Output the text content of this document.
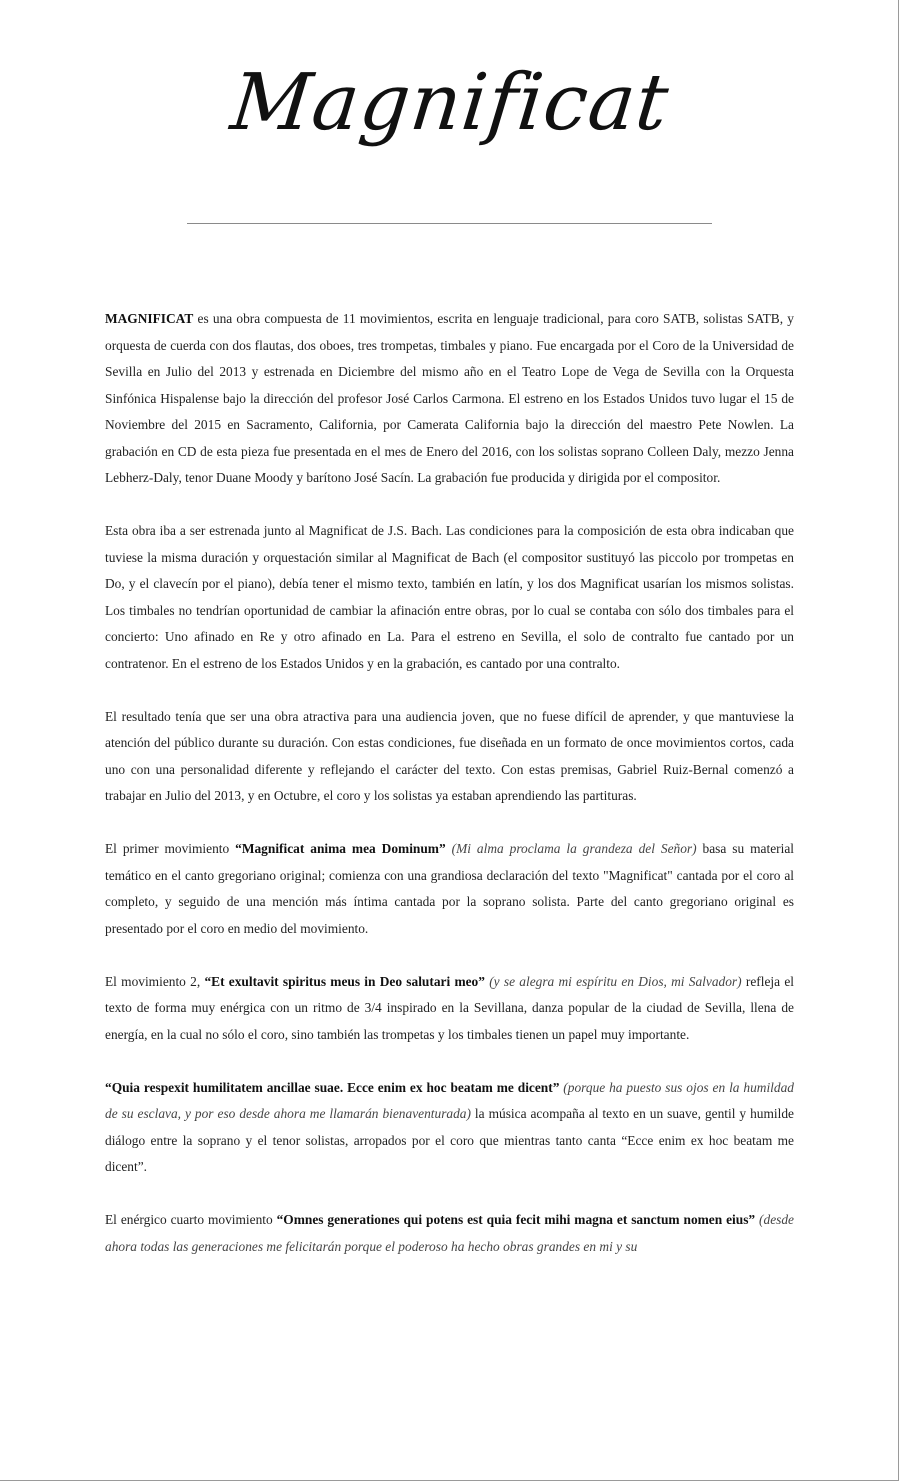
Magnificat

MAGNIFICAT es una obra compuesta de 11 movimientos, escrita en lenguaje tradicional, para coro SATB, solistas SATB, y orquesta de cuerda con dos flautas, dos oboes, tres trompetas, timbales y piano. Fue encargada por el Coro de la Universidad de Sevilla en Julio del 2013 y estrenada en Diciembre del mismo año en el Teatro Lope de Vega de Sevilla con la Orquesta Sinfónica Hispalense bajo la dirección del profesor José Carlos Carmona. El estreno en los Estados Unidos tuvo lugar el 15 de Noviembre del 2015 en Sacramento, California, por Camerata California bajo la dirección del maestro Pete Nowlen. La grabación en CD de esta pieza fue presentada en el mes de Enero del 2016, con los solistas soprano Colleen Daly, mezzo Jenna Lebherz-Daly, tenor Duane Moody y barítono José Sacín. La grabación fue producida y dirigida por el compositor.

Esta obra iba a ser estrenada junto al Magnificat de J.S. Bach. Las condiciones para la composición de esta obra indicaban que tuviese la misma duración y orquestación similar al Magnificat de Bach (el compositor sustituyó las piccolo por trompetas en Do, y el clavecín por el piano), debía tener el mismo texto, también en latín, y los dos Magnificat usarían los mismos solistas. Los timbales no tendrían oportunidad de cambiar la afinación entre obras, por lo cual se contaba con sólo dos timbales para el concierto: Uno afinado en Re y otro afinado en La. Para el estreno en Sevilla, el solo de contralto fue cantado por un contratenor. En el estreno de los Estados Unidos y en la grabación, es cantado por una contralto.

El resultado tenía que ser una obra atractiva para una audiencia joven, que no fuese difícil de aprender, y que mantuviese la atención del público durante su duración. Con estas condiciones, fue diseñada en un formato de once movimientos cortos, cada uno con una personalidad diferente y reflejando el carácter del texto. Con estas premisas, Gabriel Ruiz-Bernal comenzó a trabajar en Julio del 2013, y en Octubre, el coro y los solistas ya estaban aprendiendo las partituras.

El primer movimiento “Magnificat anima mea Dominum” (Mi alma proclama la grandeza del Señor) basa su material temático en el canto gregoriano original; comienza con una grandiosa declaración del texto "Magnificat" cantada por el coro al completo, y seguido de una mención más íntima cantada por la soprano solista. Parte del canto gregoriano original es presentado por el coro en medio del movimiento.

El movimiento 2, “Et exultavit spiritus meus in Deo salutari meo” (y se alegra mi espíritu en Dios, mi Salvador) refleja el texto de forma muy enérgica con un ritmo de 3/4 inspirado en la Sevillana, danza popular de la ciudad de Sevilla, llena de energía, en la cual no sólo el coro, sino también las trompetas y los timbales tienen un papel muy importante.

“Quia respexit humilitatem ancillae suae. Ecce enim ex hoc beatam me dicent” (porque ha puesto sus ojos en la humildad de su esclava, y por eso desde ahora me llamarán bienaventurada) la música acompaña al texto en un suave, gentil y humilde diálogo entre la soprano y el tenor solistas, arropados por el coro que mientras tanto canta “Ecce enim ex hoc beatam me dicent”.

El enérgico cuarto movimiento “Omnes generationes qui potens est quia fecit mihi magna et sanctum nomen eius” (desde ahora todas las generaciones me felicitarán porque el poderoso ha hecho obras grandes en mi y su
